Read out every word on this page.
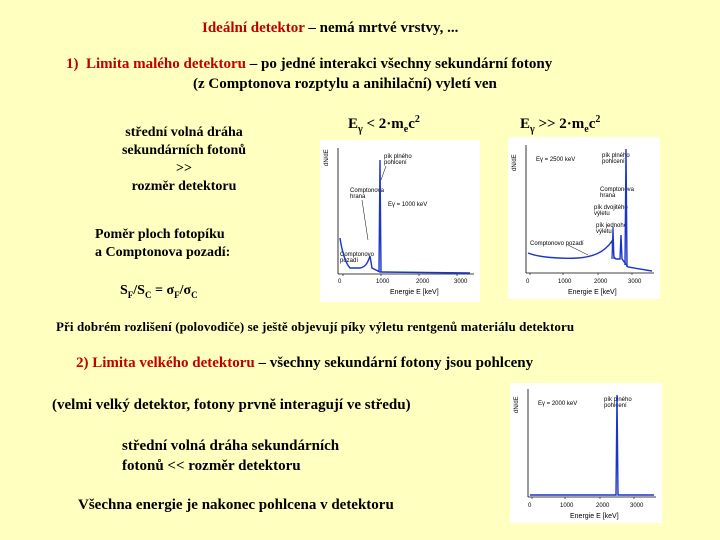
Ideální detektor – nemá mrtvé vrstvy, ...
1) Limita malého detektoru – po jedné interakci všechny sekundární fotony
(z Comptonova rozptylu a anihilační) vyletí ven
$E_\gamma < 2\cdot m_ec^2$	$E_\gamma >> 2\cdot m_ec^2$
střední volná dráha
sekundárních fotonů
>>
rozměr detektoru
dN/dE
0	1000	2000	3000
Energie E [keV]
pík plného
pohlcení
Comptonova
hrana
Eγ = 1000 keV
Comptonovo
pozadí
dN/dE
0	1000	2000	3000
Energie E [keV]
Eγ = 2500 keV
pík plného
pohlcení
Comptonova
hrana
pík dvojitého
výletu
pík jednoho
výletu
Comptonovo pozadí
Poměr ploch fotopíku
a Comptonova pozadí:
$S_F/S_C = \sigma_F/\sigma_C$
Při dobrém rozlišení (polovodiče) se ještě objevují píky výletu rentgenů materiálu detektoru
2) Limita velkého detektoru – všechny sekundární fotony jsou pohlceny
(velmi velký detektor, fotony prvně interagují ve středu)
střední volná dráha sekundárních
fotonů << rozměr detektoru
Všechna energie je nakonec pohlcena v detektoru
dN/dE
0	1000	2000	3000
Energie E [keV]
Eγ = 2000 keV
pík plného
pohlcení
